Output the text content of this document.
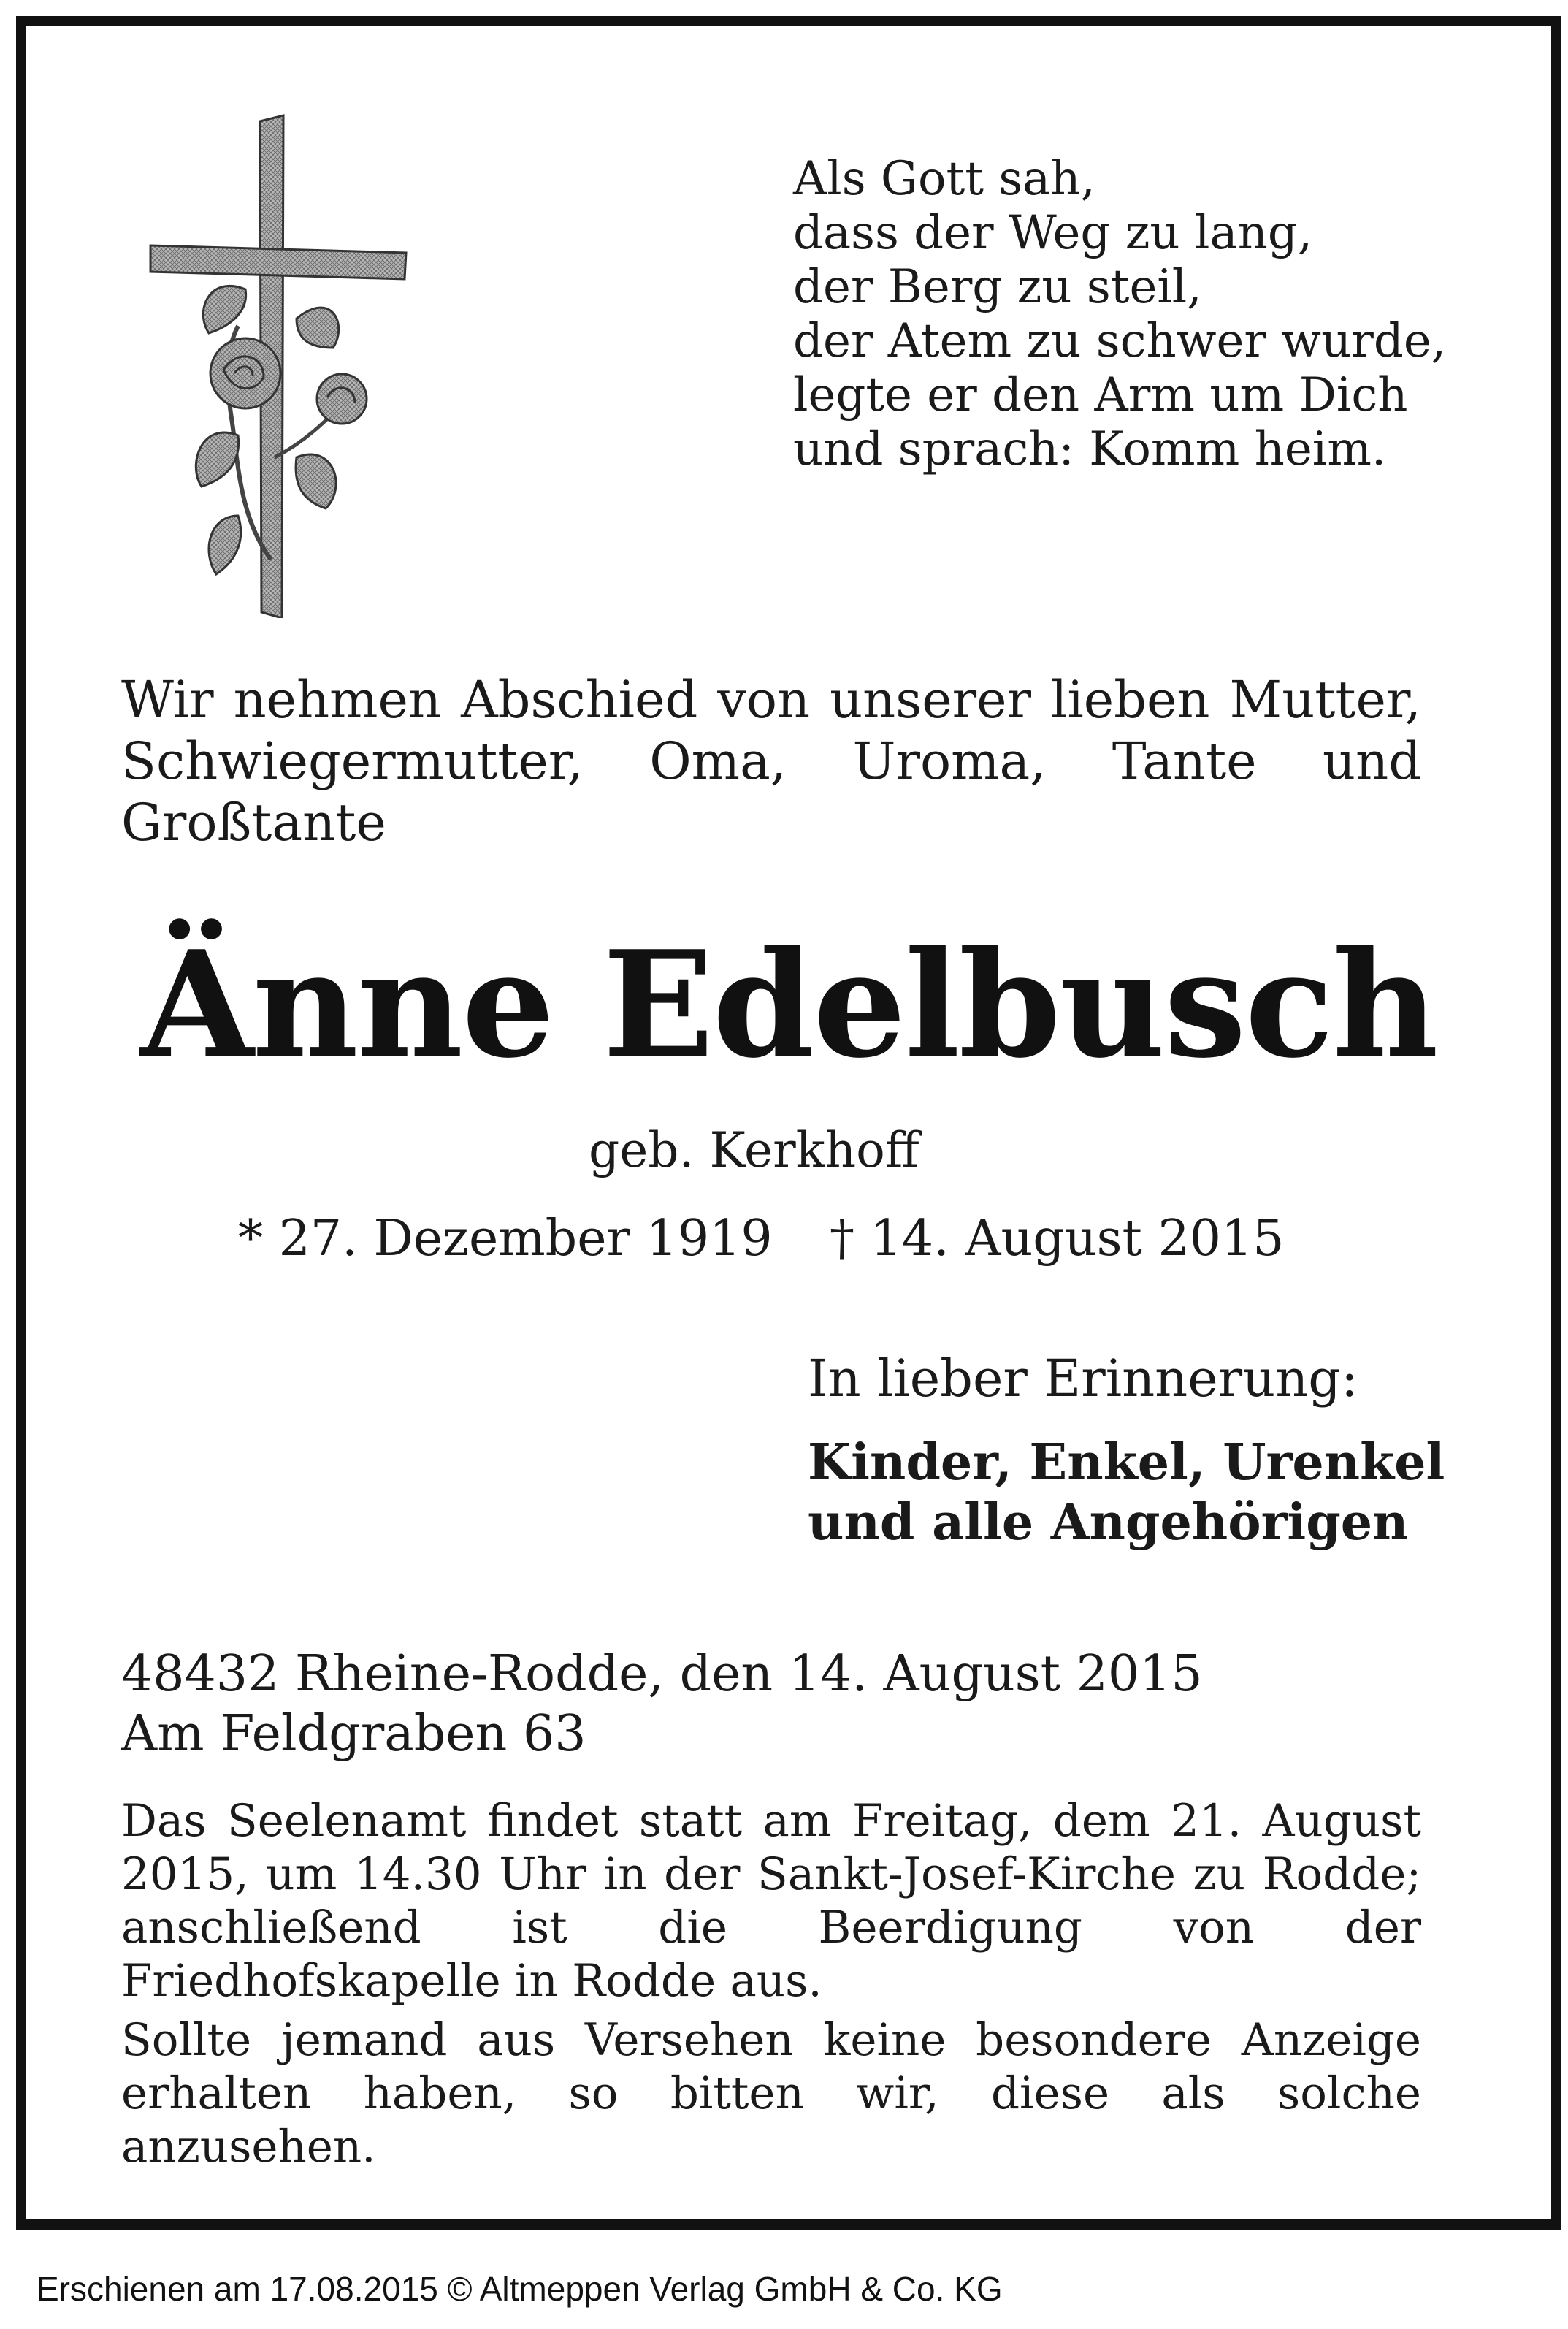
Als Gott sah,
dass der Weg zu lang,
der Berg zu steil,
der Atem zu schwer wurde,
legte er den Arm um Dich
und sprach: Komm heim.
Wir nehmen Abschied von unserer lieben Mutter, Schwiegermutter, Oma, Uroma, Tante und Großtante
Änne Edelbusch
geb. Kerkhoff
* 27. Dezember 1919 † 14. August 2015
In lieber Erinnerung:
Kinder, Enkel, Urenkel
und alle Angehörigen
48432 Rheine-Rodde, den 14. August 2015
Am Feldgraben 63
Das Seelenamt findet statt am Freitag, dem 21. August 2015, um 14.30 Uhr in der Sankt-Josef-Kirche zu Rodde; anschließend ist die Beerdigung von der Friedhofskapelle in Rodde aus.
Sollte jemand aus Versehen keine besondere Anzeige erhalten haben, so bitten wir, diese als solche anzusehen.
Erschienen am 17.08.2015 © Altmeppen Verlag GmbH & Co. KG
